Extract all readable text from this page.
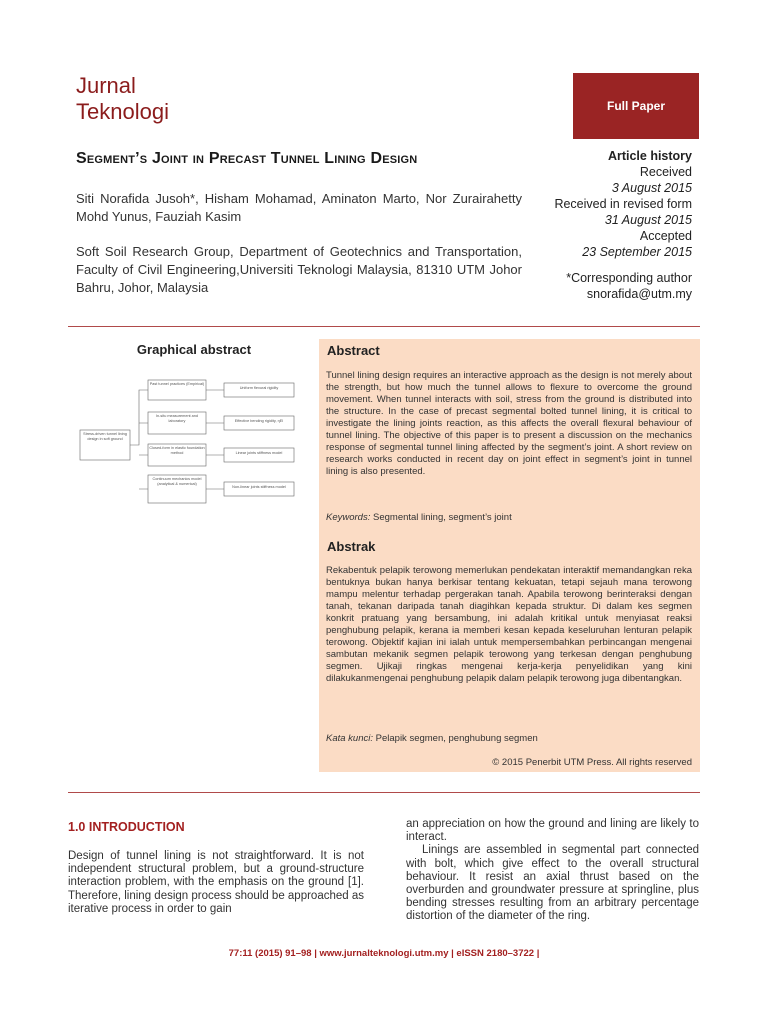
Jurnal
Teknologi	Full Paper
Segment’s Joint in Precast Tunnel Lining Design
Siti Norafida Jusoh*, Hisham Mohamad, Aminaton Marto, Nor Zurairahetty Mohd Yunus, Fauziah Kasim
Soft Soil Research Group, Department of Geotechnics and Transportation, Faculty of Civil Engineering,Universiti Teknologi Malaysia, 81310 UTM Johor Bahru, Johor, Malaysia
Article history
Received
3 August 2015
Received in revised form
31 August 2015
Accepted
23 September 2015
*Corresponding author
snorafida@utm.my
Graphical abstract
Stress-driven tunnel lining design in soft ground
Past tunnel practices (Empirical)
In-situ measurement and laboratory
Closed-form in elastic foundation method
Continuum mechanics model (analytical & numerical)
Uniform flexural rigidity
Effective bending rigidity, ηEI
Linear joints stiffness model
Non-linear joints stiffness model
Abstract
Tunnel lining design requires an interactive approach as the design is not merely about the strength, but how much the tunnel allows to flexure to overcome the ground movement. When tunnel interacts with soil, stress from the ground is distributed into the structure. In the case of precast segmental bolted tunnel lining, it is critical to investigate the lining joints reaction, as this affects the overall flexural behaviour of tunnel lining. The objective of this paper is to present a discussion on the mechanics response of segmental tunnel lining affected by the segment’s joint. A short review on research works conducted in recent day on joint effect in segment’s joint in tunnel lining is also presented.
Keywords: Segmental lining, segment’s joint
Abstrak
Rekabentuk pelapik terowong memerlukan pendekatan interaktif memandangkan reka bentuknya bukan hanya berkisar tentang kekuatan, tetapi sejauh mana terowong mampu melentur terhadap pergerakan tanah. Apabila terowong berinteraksi dengan tanah, tekanan daripada tanah diagihkan kepada struktur. Di dalam kes segmen konkrit pratuang yang bersambung, ini adalah kritikal untuk menyiasat reaksi penghubung pelapik, kerana ia memberi kesan kepada keseluruhan lenturan pelapik terowong. Objektif kajian ini ialah untuk mempersembahkan perbincangan mengenai sambutan mekanik segmen pelapik terowong yang terkesan dengan penghubung segmen. Ujikaji ringkas mengenai kerja-kerja penyelidikan yang kini dilakukanmengenai penghubung pelapik dalam pelapik terowong juga dibentangkan.
Kata kunci: Pelapik segmen, penghubung segmen
© 2015 Penerbit UTM Press. All rights reserved
1.0 INTRODUCTION
Design of tunnel lining is not straightforward. It is not independent structural problem, but a ground-structure interaction problem, with the emphasis on the ground [1]. Therefore, lining design process should be approached as iterative process in order to gain
an appreciation on how the ground and lining are likely to interact.
Linings are assembled in segmental part connected with bolt, which give effect to the overall structural behaviour. It resist an axial thrust based on the overburden and groundwater pressure at springline, plus bending stresses resulting from an arbitrary percentage distortion of the diameter of the ring.
77:11 (2015) 91–98 | www.jurnalteknologi.utm.my | eISSN 2180–3722 |
